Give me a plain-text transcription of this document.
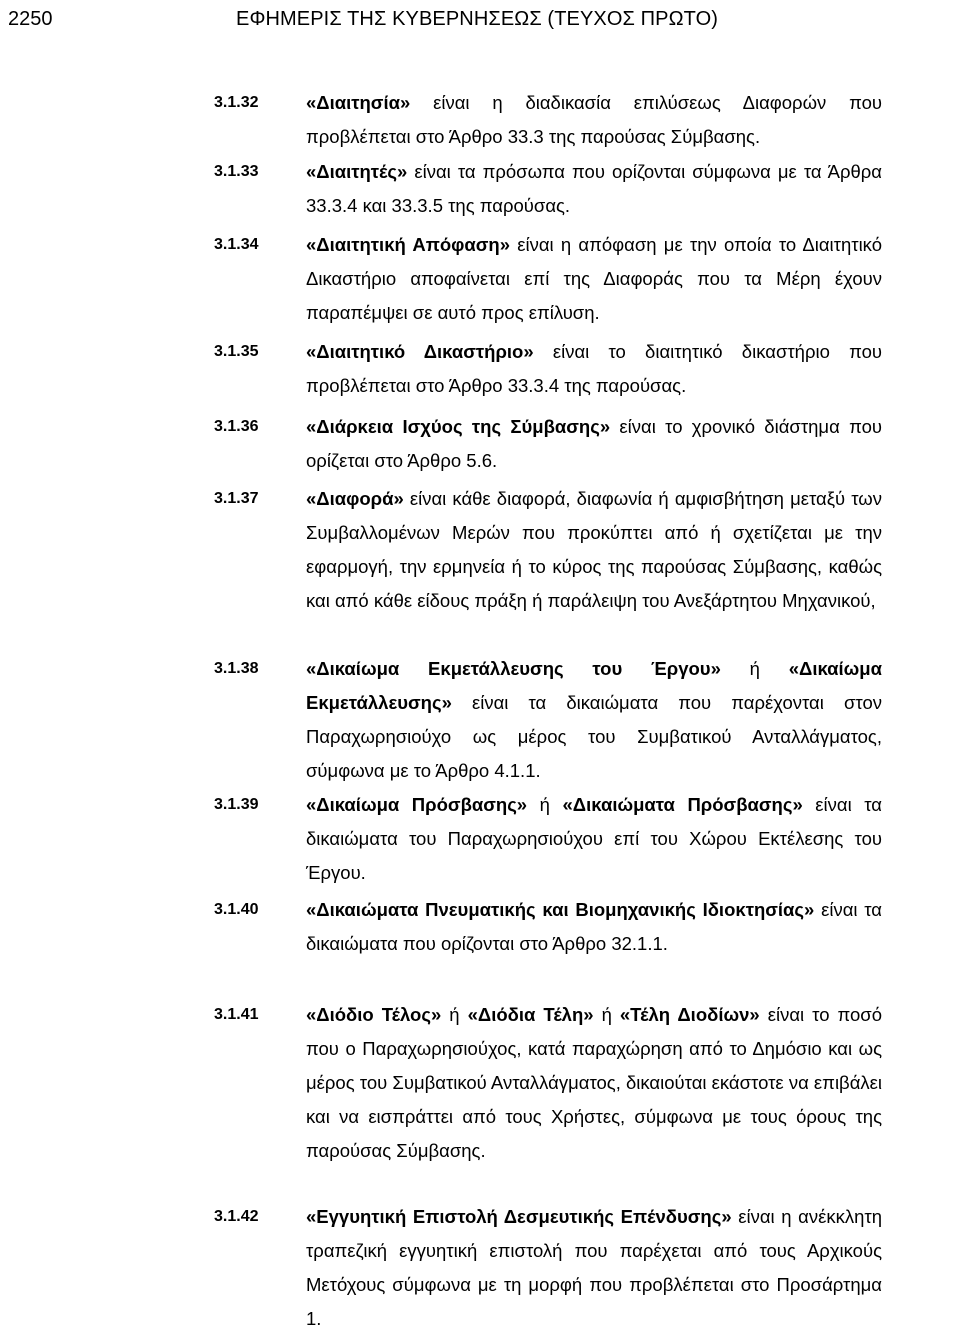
2250	ΕΦΗΜΕΡΙΣ ΤΗΣ ΚΥΒΕΡΝΗΣΕΩΣ (ΤΕΥΧΟΣ ΠΡΩΤΟ)
3.1.32	«Διαιτησία» είναι η διαδικασία επιλύσεως Διαφορών που προβλέπεται στο Άρθρο 33.3 της παρούσας Σύμβασης.
3.1.33	«Διαιτητές» είναι τα πρόσωπα που ορίζονται σύμφωνα με τα Άρθρα 33.3.4 και 33.3.5 της παρούσας.
3.1.34	«Διαιτητική Απόφαση» είναι η απόφαση με την οποία το Διαιτητικό Δικαστήριο αποφαίνεται επί της Διαφοράς που τα Μέρη έχουν παραπέμψει σε αυτό προς επίλυση.
3.1.35	«Διαιτητικό Δικαστήριο» είναι το διαιτητικό δικαστήριο που προβλέπεται στο Άρθρο 33.3.4 της παρούσας.
3.1.36	«Διάρκεια Ισχύος της Σύμβασης» είναι το χρονικό διάστημα που ορίζεται στο Άρθρο 5.6.
3.1.37	«Διαφορά» είναι κάθε διαφορά, διαφωνία ή αμφισβήτηση μεταξύ των Συμβαλλομένων Μερών που προκύπτει από ή σχετίζεται με την εφαρμογή, την ερμηνεία ή το κύρος της παρούσας Σύμβασης, καθώς και από κάθε είδους πράξη ή παράλειψη του Ανεξάρτητου Μηχανικού,
3.1.38	«Δικαίωμα Εκμετάλλευσης του Έργου» ή «Δικαίωμα Εκμετάλλευσης» είναι τα δικαιώματα που παρέχονται στον Παραχωρησιούχο ως μέρος του Συμβατικού Ανταλλάγματος, σύμφωνα με το Άρθρο 4.1.1.
3.1.39	«Δικαίωμα Πρόσβασης» ή «Δικαιώματα Πρόσβασης» είναι τα δικαιώματα του Παραχωρησιούχου επί του Χώρου Εκτέλεσης του Έργου.
3.1.40	«Δικαιώματα Πνευματικής και Βιομηχανικής Ιδιοκτησίας» είναι τα δικαιώματα που ορίζονται στο Άρθρο 32.1.1.
3.1.41	«Διόδιο Τέλος» ή «Διόδια Τέλη» ή «Τέλη Διοδίων» είναι το ποσό που ο Παραχωρησιούχος, κατά παραχώρηση από το Δημόσιο και ως μέρος του Συμβατικού Ανταλλάγματος, δικαιούται εκάστοτε να επιβάλει και να εισπράττει από τους Χρήστες, σύμφωνα με τους όρους της παρούσας Σύμβασης.
3.1.42	«Εγγυητική Επιστολή Δεσμευτικής Επένδυσης» είναι η ανέκκλητη τραπεζική εγγυητική επιστολή που παρέχεται από τους Αρχικούς Μετόχους σύμφωνα με τη μορφή που προβλέπεται στο Προσάρτημα 1.
